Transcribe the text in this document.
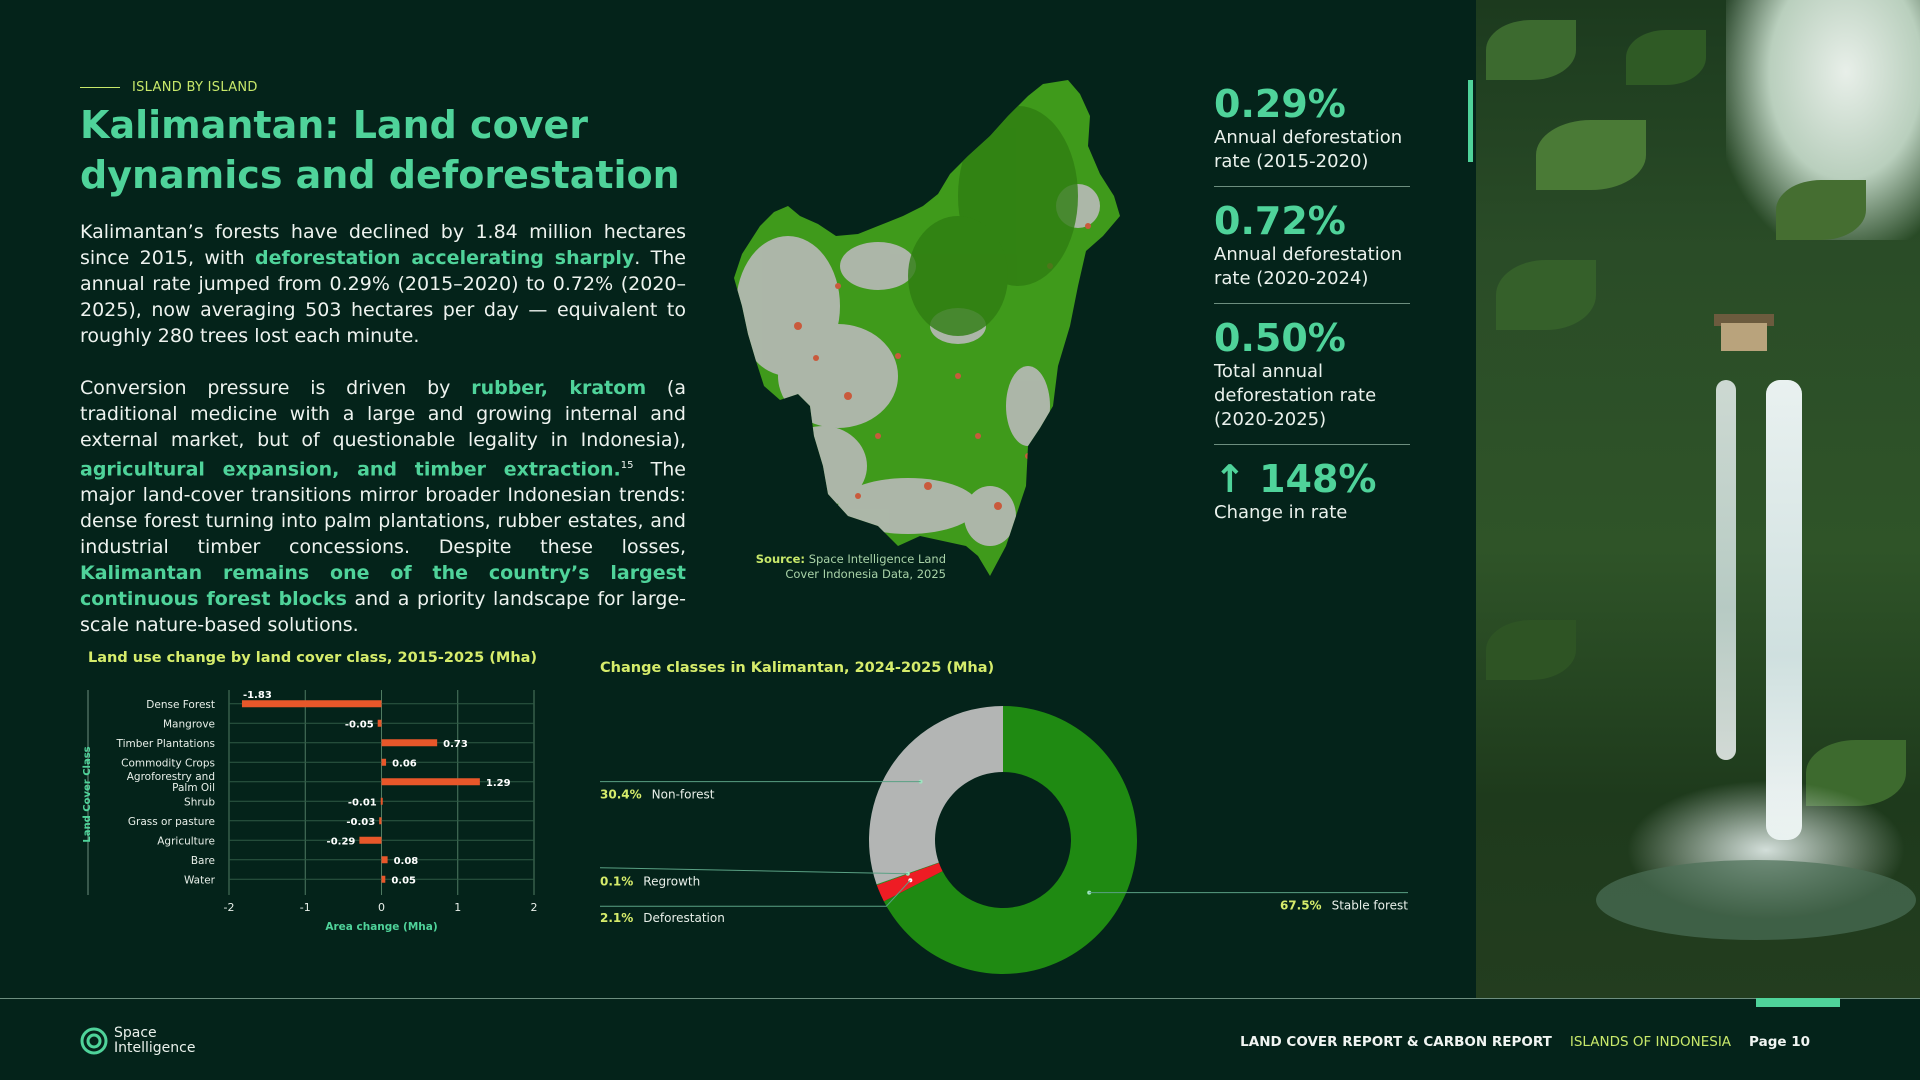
ISLAND BY ISLAND
Kalimantan: Land cover dynamics and deforestation

Kalimantan’s forests have declined by 1.84 million hectares since 2015, with deforestation accelerating sharply. The annual rate jumped from 0.29% (2015–2020) to 0.72% (2020–2025), now averaging 503 hectares per day — equivalent to roughly 280 trees lost each minute.

Conversion pressure is driven by rubber, kratom (a traditional medicine with a large and growing internal and external market, but of questionable legality in Indonesia), agricultural expansion, and timber extraction.$^{15}$ The major land-cover transitions mirror broader Indonesian trends: dense forest turning into palm plantations, rubber estates, and industrial timber concessions. Despite these losses, Kalimantan remains one of the country’s largest continuous forest blocks and a priority landscape for large-scale nature-based solutions.

Source: Space Intelligence Land Cover Indonesia Data, 2025
0.29%
Annual deforestation rate (2015-2020)
0.72%
Annual deforestation rate (2020-2024)
0.50%
Total annual deforestation rate (2020-2025)
↑ 148%
Change in rate
Land use change by land cover class, 2015-2025 (Mha)
-2	-1	0	1	2
Dense Forest
-1.83
Mangrove	-0.05
Timber Plantations	0.73
Commodity Crops	0.06
Agroforestry and Palm Oil	1.29
Shrub	-0.01
Grass or pasture	-0.03
Agriculture	-0.29
Bare	0.08
Water	0.05
Area change (Mha)
Land Cover Class
Change classes in Kalimantan, 2024-2025 (Mha)
67.5% Stable forest
30.4% Non-forest
0.1% Regrowth
2.1% Deforestation
Space
Intelligence	LAND COVER REPORT & CARBON REPORT ISLANDS OF INDONESIA Page 10
